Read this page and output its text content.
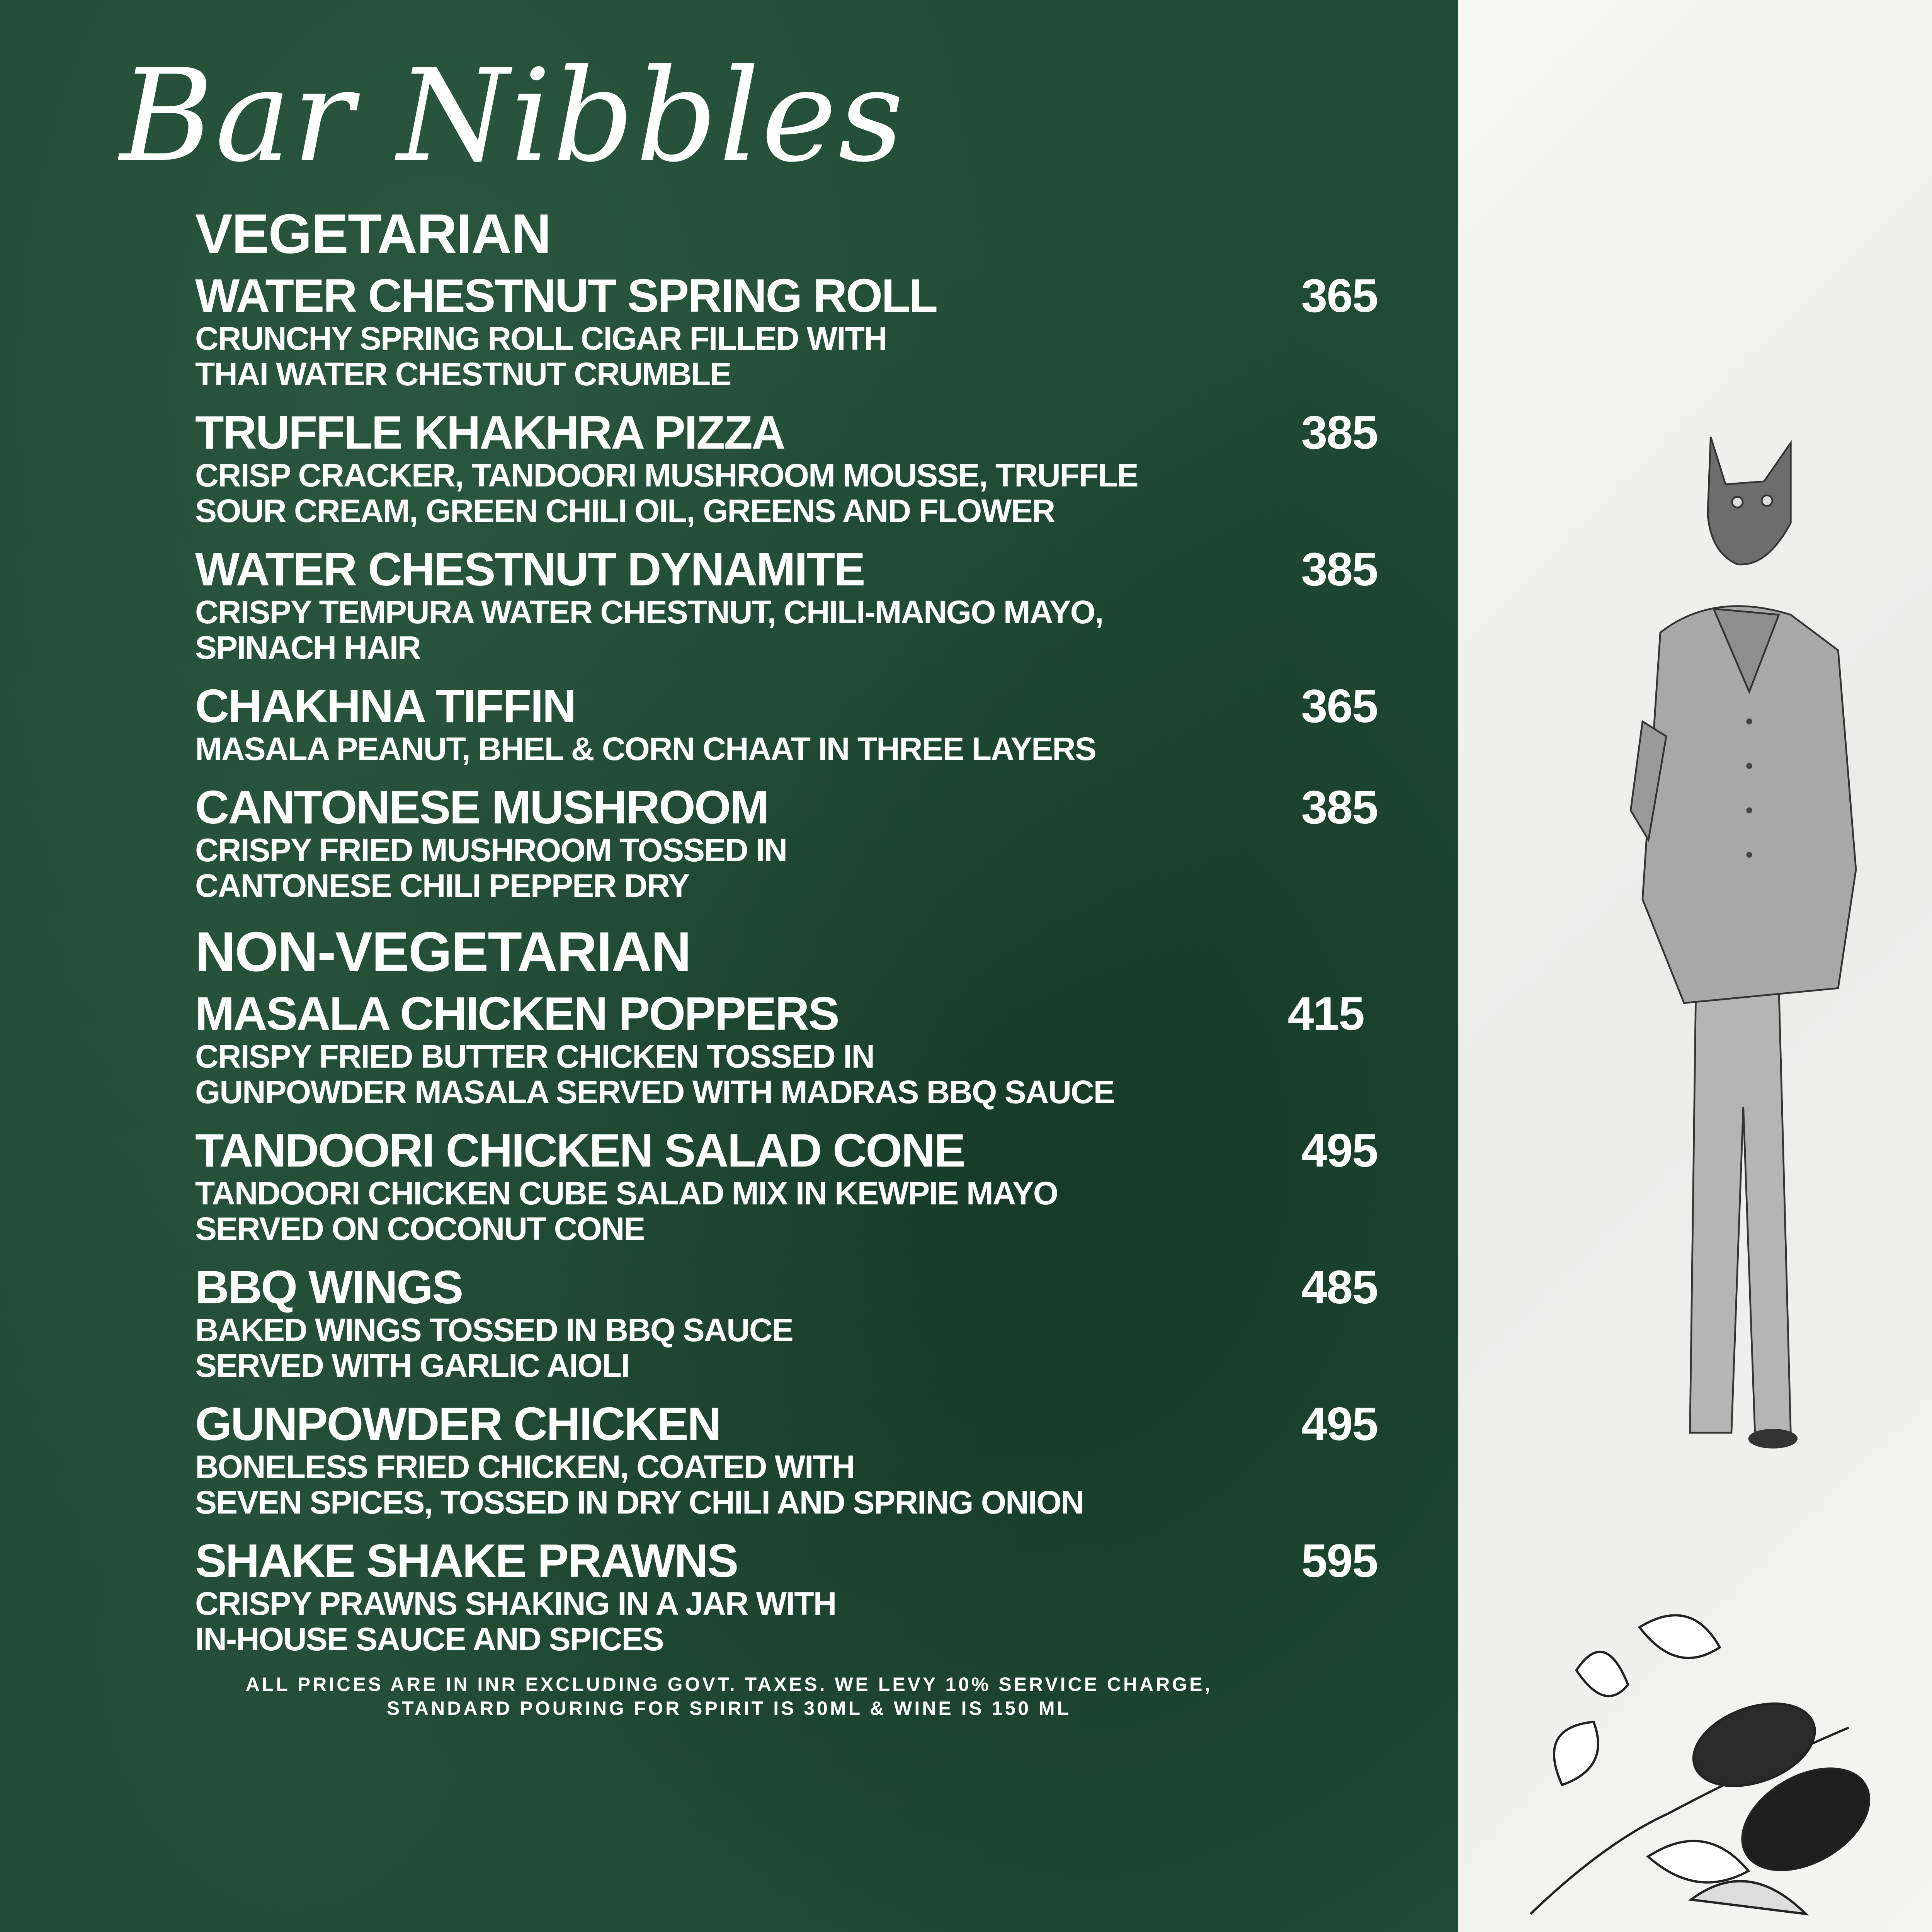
Bar Nibbles
VEGETARIAN
WATER CHESTNUT SPRING ROLL	365
CRUNCHY SPRING ROLL CIGAR FILLED WITH
THAI WATER CHESTNUT CRUMBLE
TRUFFLE KHAKHRA PIZZA	385
CRISP CRACKER, TANDOORI MUSHROOM MOUSSE, TRUFFLE
SOUR CREAM, GREEN CHILI OIL, GREENS AND FLOWER
WATER CHESTNUT DYNAMITE	385
CRISPY TEMPURA WATER CHESTNUT, CHILI-MANGO MAYO,
SPINACH HAIR
CHAKHNA TIFFIN	365
MASALA PEANUT, BHEL & CORN CHAAT IN THREE LAYERS
CANTONESE MUSHROOM	385
CRISPY FRIED MUSHROOM TOSSED IN
CANTONESE CHILI PEPPER DRY
NON-VEGETARIAN
MASALA CHICKEN POPPERS	415
CRISPY FRIED BUTTER CHICKEN TOSSED IN
GUNPOWDER MASALA SERVED WITH MADRAS BBQ SAUCE
TANDOORI CHICKEN SALAD CONE	495
TANDOORI CHICKEN CUBE SALAD MIX IN KEWPIE MAYO
SERVED ON COCONUT CONE
BBQ WINGS	485
BAKED WINGS TOSSED IN BBQ SAUCE
SERVED WITH GARLIC AIOLI
GUNPOWDER CHICKEN	495
BONELESS FRIED CHICKEN, COATED WITH
SEVEN SPICES, TOSSED IN DRY CHILI AND SPRING ONION
SHAKE SHAKE PRAWNS	595
CRISPY PRAWNS SHAKING IN A JAR WITH
IN-HOUSE SAUCE AND SPICES
ALL PRICES ARE IN INR EXCLUDING GOVT. TAXES. WE LEVY 10% SERVICE CHARGE,
STANDARD POURING FOR SPIRIT IS 30ML & WINE IS 150 ML
